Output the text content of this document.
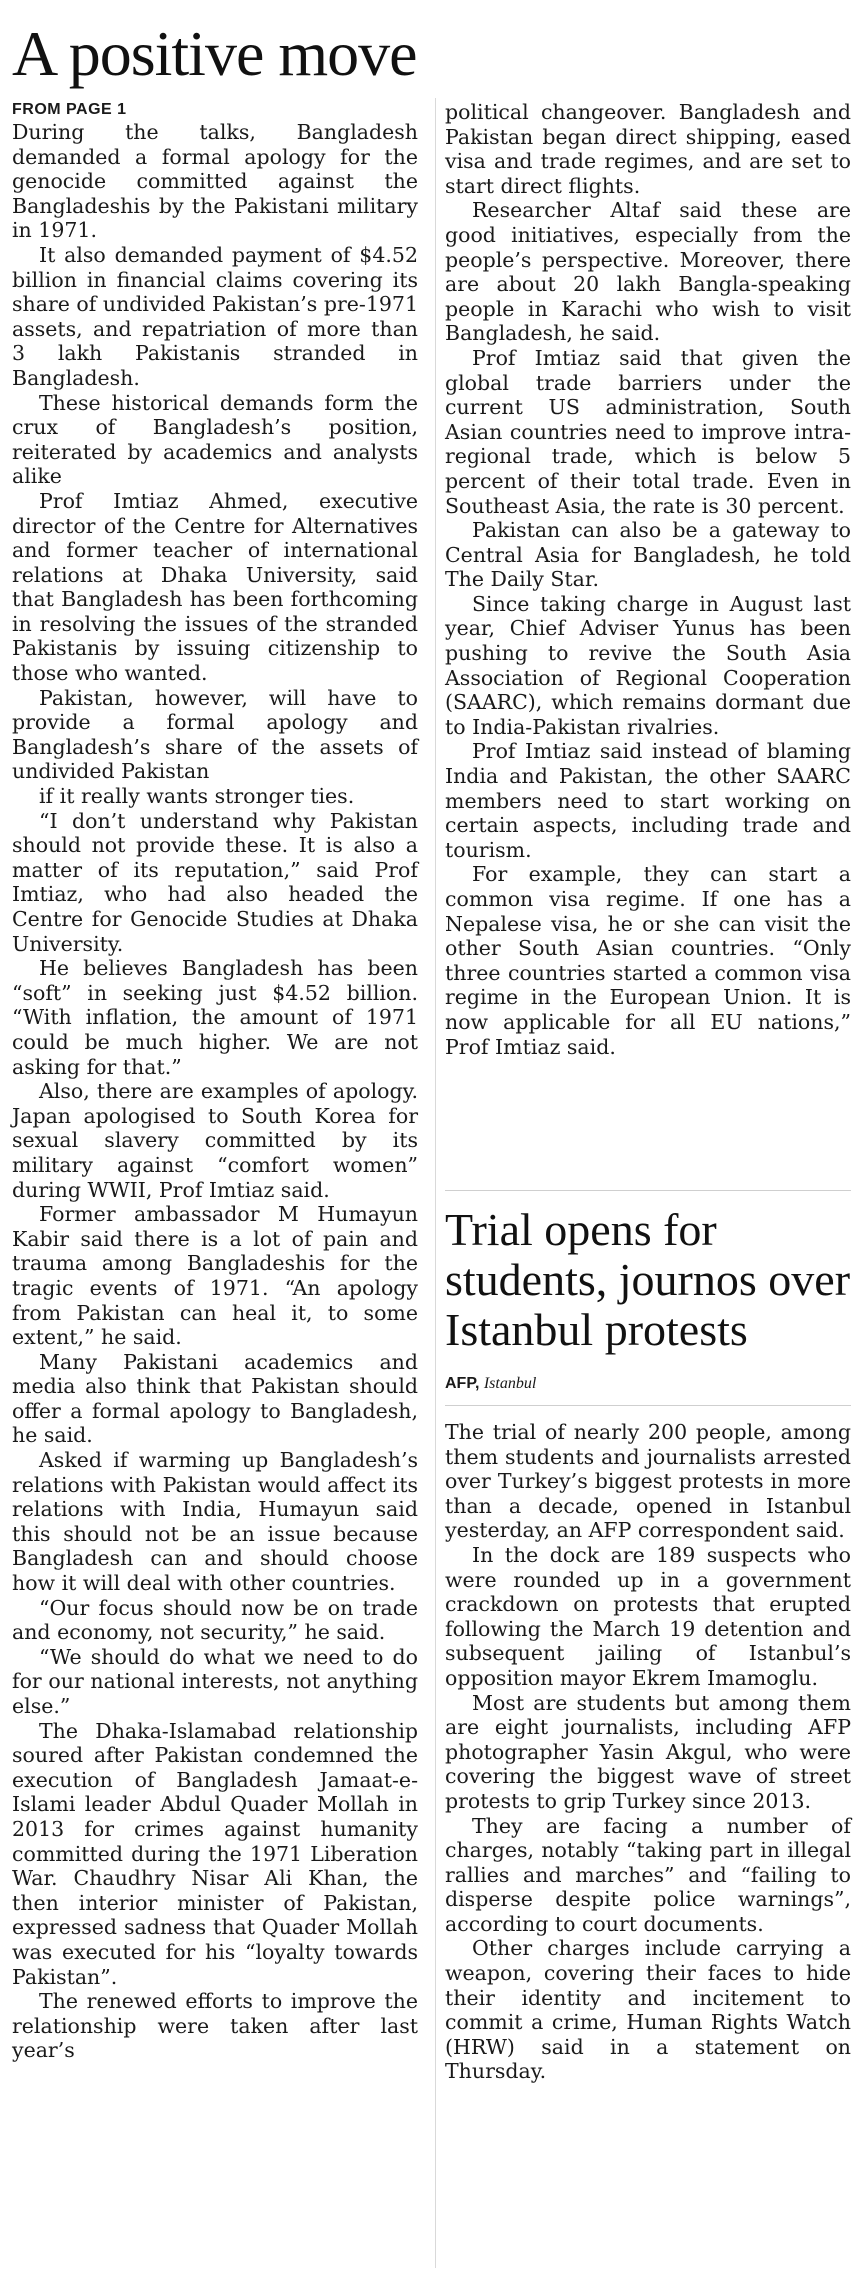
A positive move

FROM PAGE 1

During the talks, Bangladesh demanded a formal apology for the genocide committed against the Bangladeshis by the Pakistani military in 1971.

It also demanded payment of $4.52 billion in financial claims covering its share of undivided Pakistan’s pre-1971 assets, and repatriation of more than 3 lakh Pakistanis stranded in Bangladesh.

These historical demands form the crux of Bangladesh’s position, reiterated by academics and analysts alike

Prof Imtiaz Ahmed, executive director of the Centre for Alternatives and former teacher of international relations at Dhaka University, said that Bangladesh has been forthcoming in resolving the issues of the stranded Pakistanis by issuing citizenship to those who wanted.

Pakistan, however, will have to provide a formal apology and Bangladesh’s share of the assets of undivided Pakistan

if it really wants stronger ties.

“I don’t understand why Pakistan should not provide these. It is also a matter of its reputation,” said Prof Imtiaz, who had also headed the Centre for Genocide Studies at Dhaka University.

He believes Bangladesh has been “soft” in seeking just $4.52 billion. “With inflation, the amount of 1971 could be much higher. We are not asking for that.”

Also, there are examples of apology. Japan apologised to South Korea for sexual slavery committed by its military against “comfort women” during WWII, Prof Imtiaz said.

Former ambassador M Humayun Kabir said there is a lot of pain and trauma among Bangladeshis for the tragic events of 1971. “An apology from Pakistan can heal it, to some extent,” he said.

Many Pakistani academics and media also think that Pakistan should offer a formal apology to Bangladesh, he said.

Asked if warming up Bangladesh’s relations with Pakistan would affect its relations with India, Humayun said this should not be an issue because Bangladesh can and should choose how it will deal with other countries.

“Our focus should now be on trade and economy, not security,” he said.

“We should do what we need to do for our national interests, not anything else.”

The Dhaka-Islamabad relationship soured after Pakistan condemned the execution of Bangladesh Jamaat-e-Islami leader Abdul Quader Mollah in 2013 for crimes against humanity committed during the 1971 Liberation War. Chaudhry Nisar Ali Khan, the then interior minister of Pakistan, expressed sadness that Quader Mollah was executed for his “loyalty towards Pakistan”.

The renewed efforts to improve the relationship were taken after last year’s

political changeover. Bangladesh and Pakistan began direct shipping, eased visa and trade regimes, and are set to start direct flights.

Researcher Altaf said these are good initiatives, especially from the people’s perspective. Moreover, there are about 20 lakh Bangla-speaking people in Karachi who wish to visit Bangladesh, he said.

Prof Imtiaz said that given the global trade barriers under the current US administration, South Asian countries need to improve intra-regional trade, which is below 5 percent of their total trade. Even in Southeast Asia, the rate is 30 percent.

Pakistan can also be a gateway to Central Asia for Bangladesh, he told The Daily Star.

Since taking charge in August last year, Chief Adviser Yunus has been pushing to revive the South Asia Association of Regional Cooperation (SAARC), which remains dormant due to India-Pakistan rivalries.

Prof Imtiaz said instead of blaming India and Pakistan, the other SAARC members need to start working on certain aspects, including trade and tourism.

For example, they can start a common visa regime. If one has a Nepalese visa, he or she can visit the other South Asian countries. “Only three countries started a common visa regime in the European Union. It is now applicable for all EU nations,” Prof Imtiaz said.

Trial opens for students, journos over Istanbul protests
AFP, Istanbul

The trial of nearly 200 people, among them students and journalists arrested over Turkey’s biggest protests in more than a decade, opened in Istanbul yesterday, an AFP correspondent said.

In the dock are 189 suspects who were rounded up in a government crackdown on protests that erupted following the March 19 detention and subsequent jailing of Istanbul’s opposition mayor Ekrem Imamoglu.

Most are students but among them are eight journalists, including AFP photographer Yasin Akgul, who were covering the biggest wave of street protests to grip Turkey since 2013.

They are facing a number of charges, notably “taking part in illegal rallies and marches” and “failing to disperse despite police warnings”, according to court documents.

Other charges include carrying a weapon, covering their faces to hide their identity and incitement to commit a crime, Human Rights Watch (HRW) said in a statement on Thursday.
